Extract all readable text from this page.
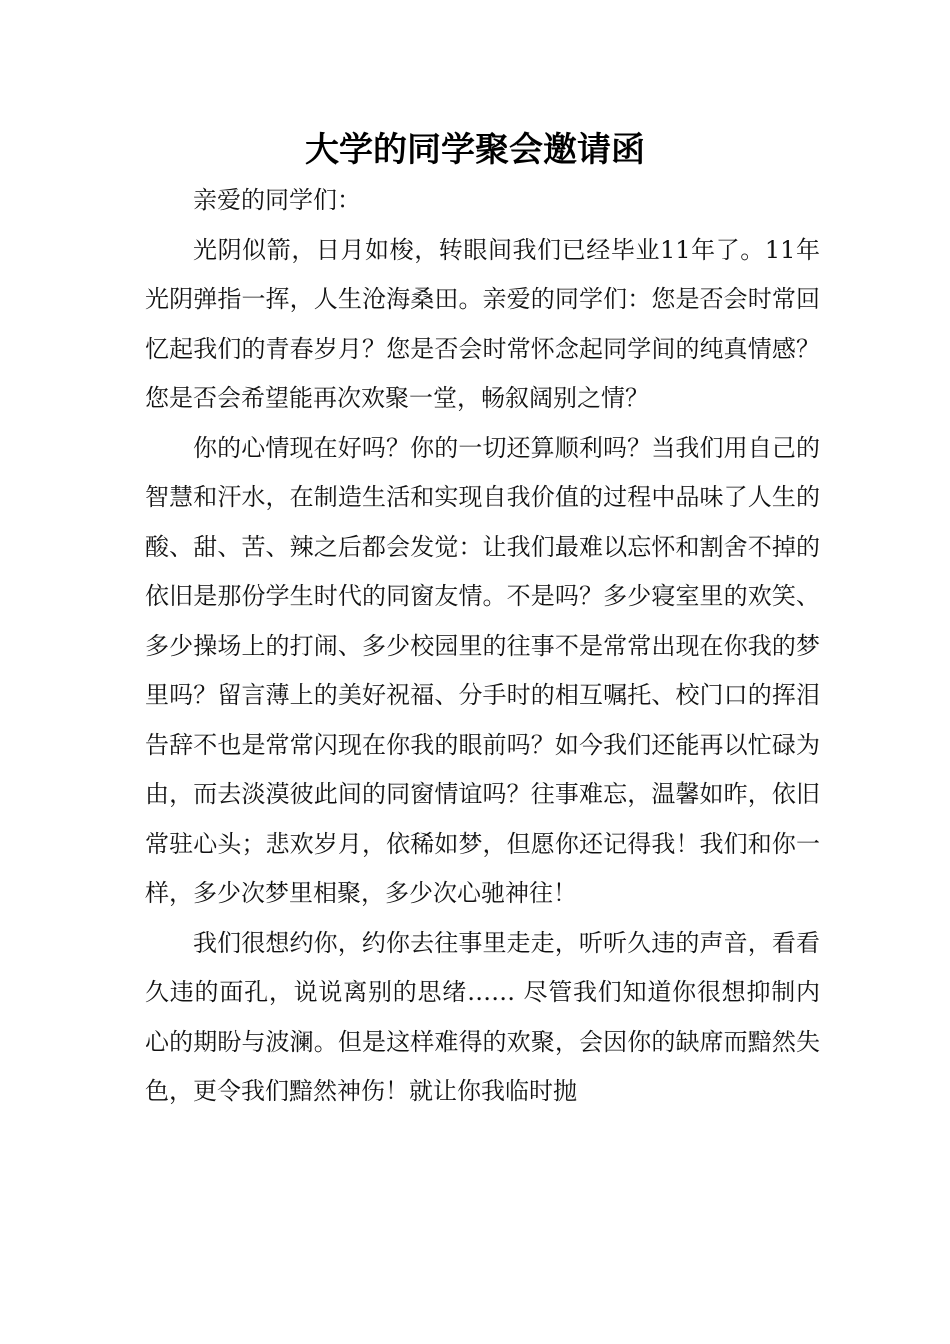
大学的同学聚会邀请函

亲爱的同学们：

光阴似箭，日月如梭，转眼间我们已经毕业11年了。11年光阴弹指一挥，人生沧海桑田。亲爱的同学们：您是否会时常回忆起我们的青春岁月？您是否会时常怀念起同学间的纯真情感？您是否会希望能再次欢聚一堂，畅叙阔别之情？

你的心情现在好吗？你的一切还算顺利吗？当我们用自己的智慧和汗水，在制造生活和实现自我价值的过程中品味了人生的酸、甜、苦、辣之后都会发觉：让我们最难以忘怀和割舍不掉的依旧是那份学生时代的同窗友情。不是吗？多少寝室里的欢笑、多少操场上的打闹、多少校园里的往事不是常常出现在你我的梦里吗？留言薄上的美好祝福、分手时的相互嘱托、校门口的挥泪告辞不也是常常闪现在你我的眼前吗？如今我们还能再以忙碌为由，而去淡漠彼此间的同窗情谊吗？往事难忘，温馨如昨，依旧常驻心头；悲欢岁月，依稀如梦，但愿你还记得我！我们和你一样，多少次梦里相聚，多少次心驰神往！

我们很想约你，约你去往事里走走，听听久违的声音，看看久违的面孔，说说离别的思绪…… 尽管我们知道你很想抑制内心的期盼与波澜。但是这样难得的欢聚，会因你的缺席而黯然失色，更令我们黯然神伤！就让你我临时抛
